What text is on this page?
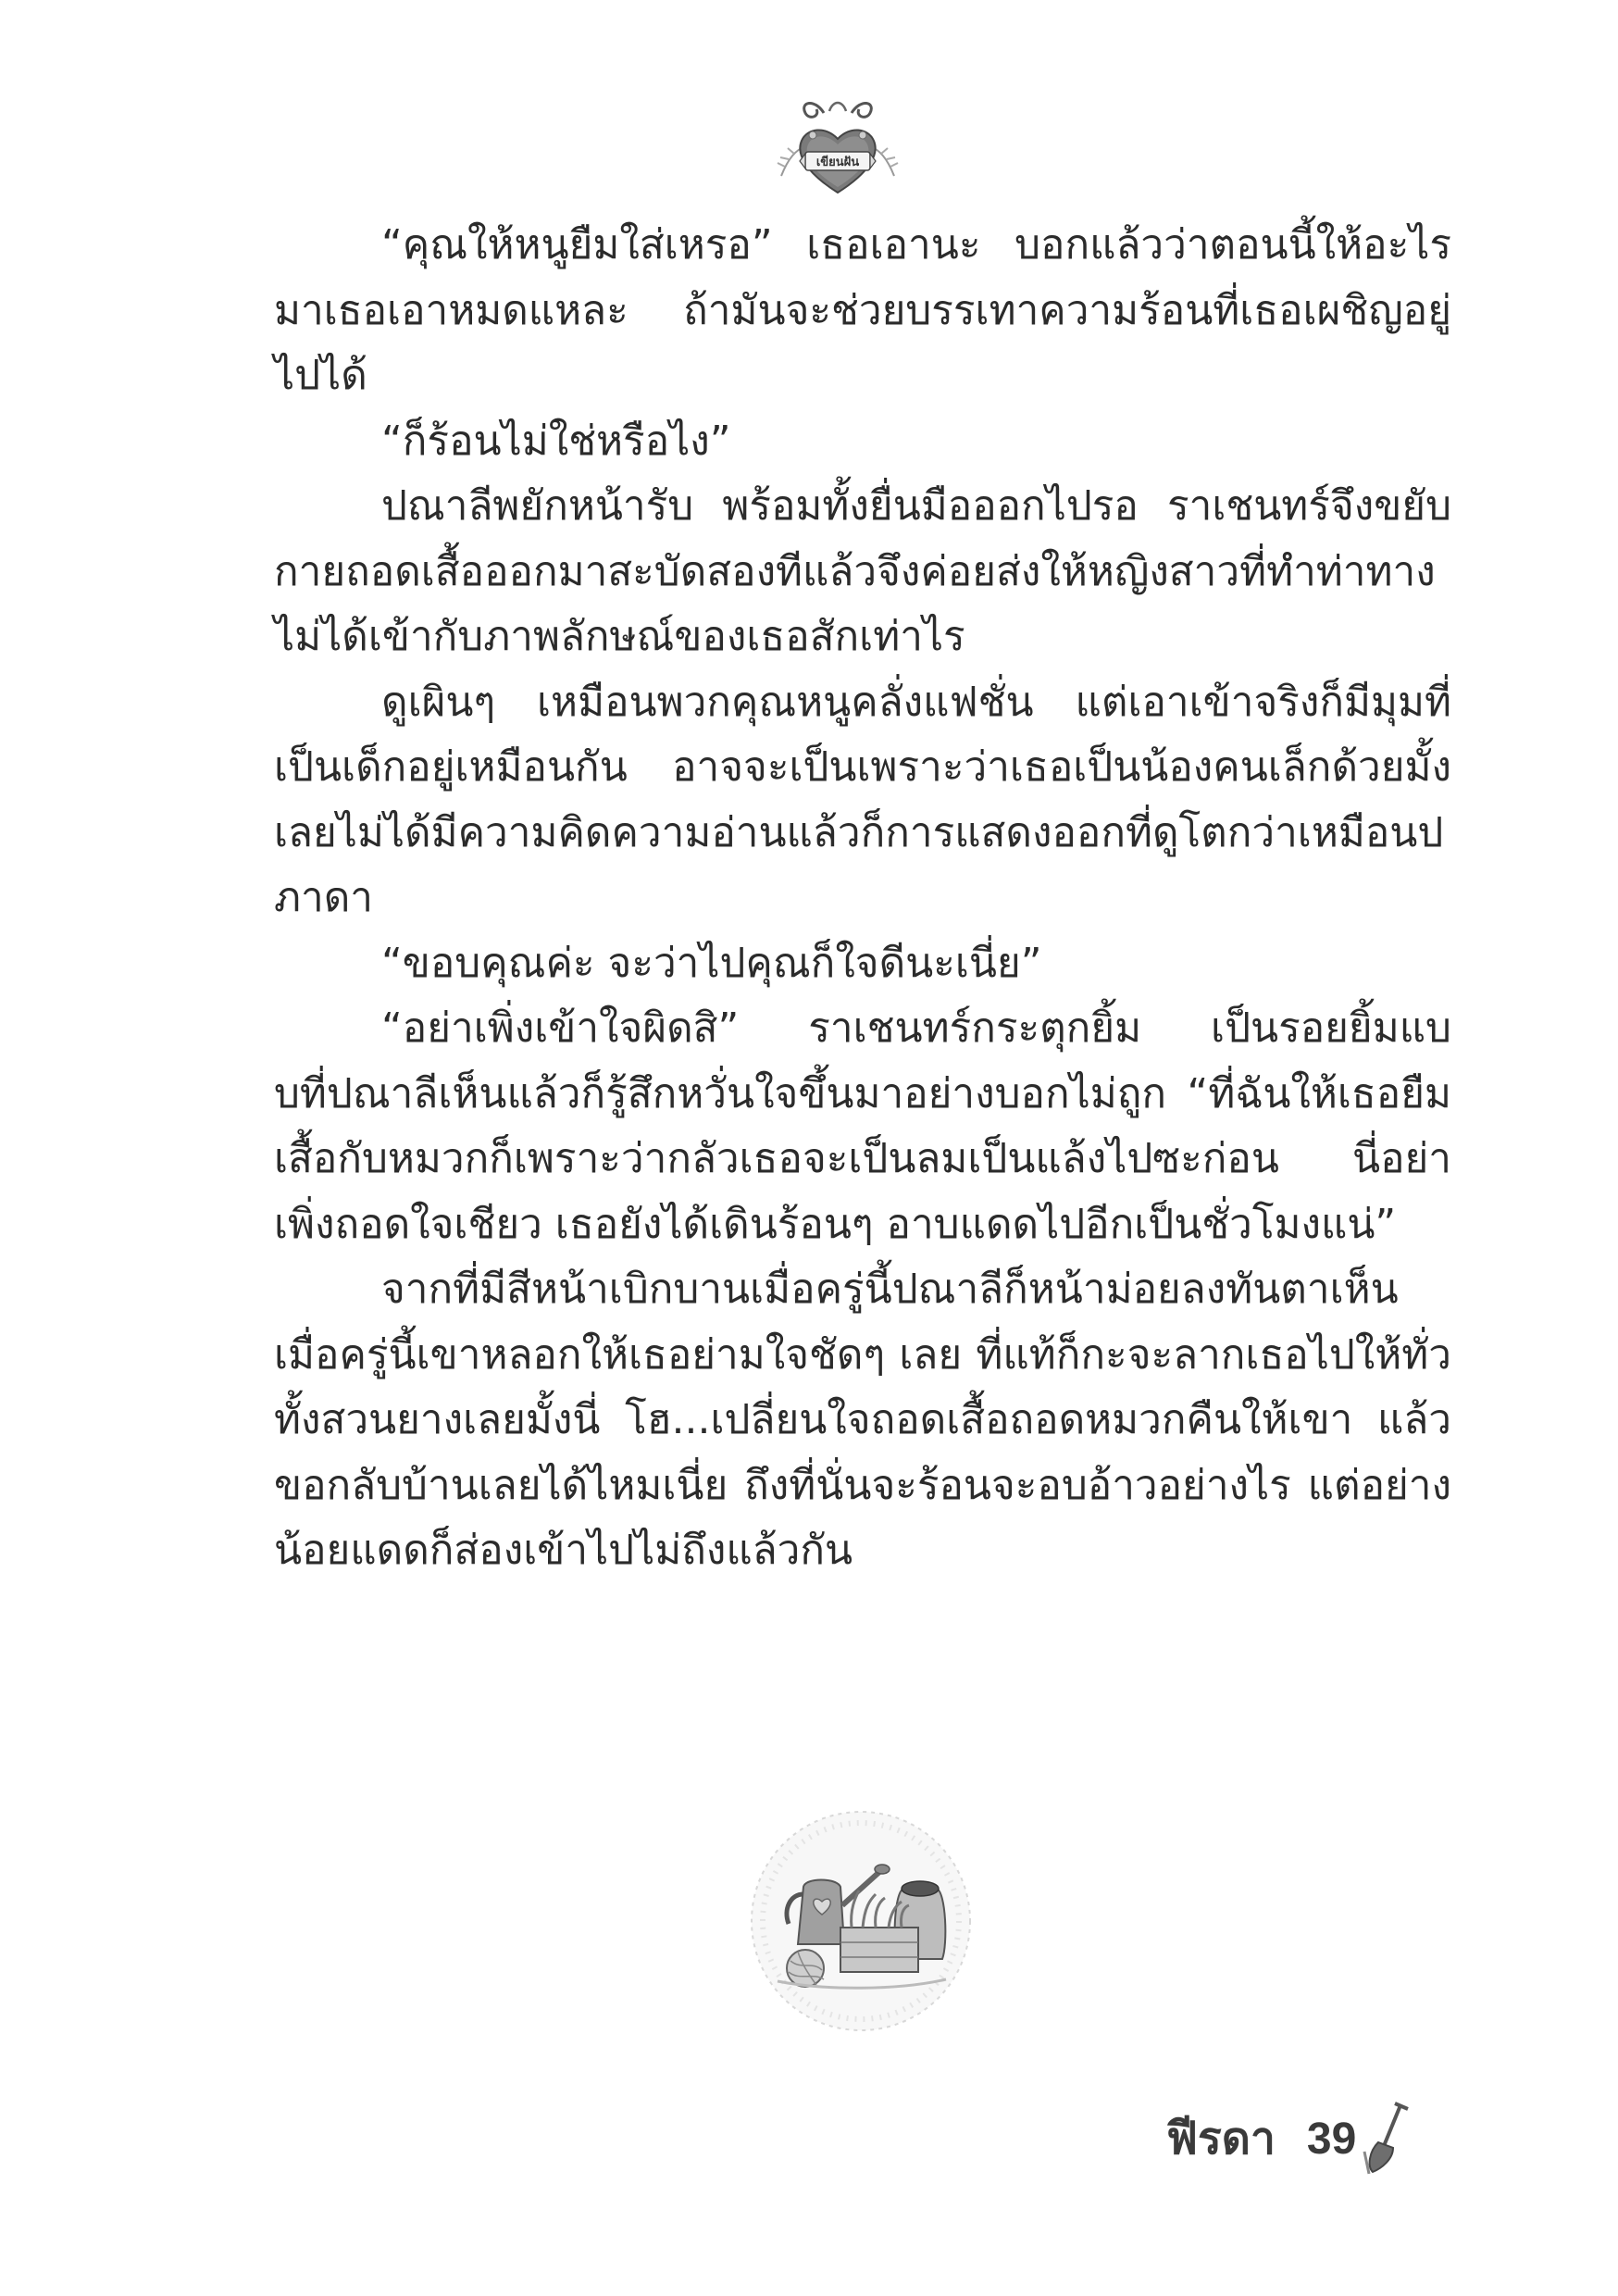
เขียนฝัน

“คุณให้หนูยืมใส่เหรอ” เธอเอานะ บอกแล้วว่าตอนนี้ให้อะไรมาเธอเอาหมดแหละ ถ้ามันจะช่วยบรรเทาความร้อนที่เธอเผชิญอยู่ไปได้

“ก็ร้อนไม่ใช่หรือไง”

ปณาลีพยักหน้ารับ พร้อมทั้งยื่นมือออกไปรอ ราเชนทร์จึงขยับกายถอดเสื้อออกมาสะบัดสองทีแล้วจึงค่อยส่งให้หญิงสาวที่ทำท่าทางไม่ได้เข้ากับภาพลักษณ์ของเธอสักเท่าไร

ดูเผินๆ เหมือนพวกคุณหนูคลั่งแฟชั่น แต่เอาเข้าจริงก็มีมุมที่เป็นเด็กอยู่เหมือนกัน อาจจะเป็นเพราะว่าเธอเป็นน้องคนเล็กด้วยมั้ง เลยไม่ได้มีความคิดความอ่านแล้วก็การแสดงออกที่ดูโตกว่าเหมือนปภาดา

“ขอบคุณค่ะ จะว่าไปคุณก็ใจดีนะเนี่ย”

“อย่าเพิ่งเข้าใจผิดสิ” ราเชนทร์กระตุกยิ้ม เป็นรอยยิ้มแบบที่ปณาลีเห็นแล้วก็รู้สึกหวั่นใจขึ้นมาอย่างบอกไม่ถูก “ที่ฉันให้เธอยืมเสื้อกับหมวกก็เพราะว่ากลัวเธอจะเป็นลมเป็นแล้งไปซะก่อน นี่อย่าเพิ่งถอดใจเชียว เธอยังได้เดินร้อนๆ อาบแดดไปอีกเป็นชั่วโมงแน่”

จากที่มีสีหน้าเบิกบานเมื่อครู่นี้ปณาลีก็หน้าม่อยลงทันตาเห็น เมื่อครู่นี้เขาหลอกให้เธอย่ามใจชัดๆ เลย ที่แท้ก็กะจะลากเธอไปให้ทั่วทั้งสวนยางเลยมั้งนี่ โฮ...เปลี่ยนใจถอดเสื้อถอดหมวกคืนให้เขา แล้วขอกลับบ้านเลยได้ไหมเนี่ย ถึงที่นั่นจะร้อนจะอบอ้าวอย่างไร แต่อย่างน้อยแดดก็ส่องเข้าไปไม่ถึงแล้วกัน

ฟีรดา 39
